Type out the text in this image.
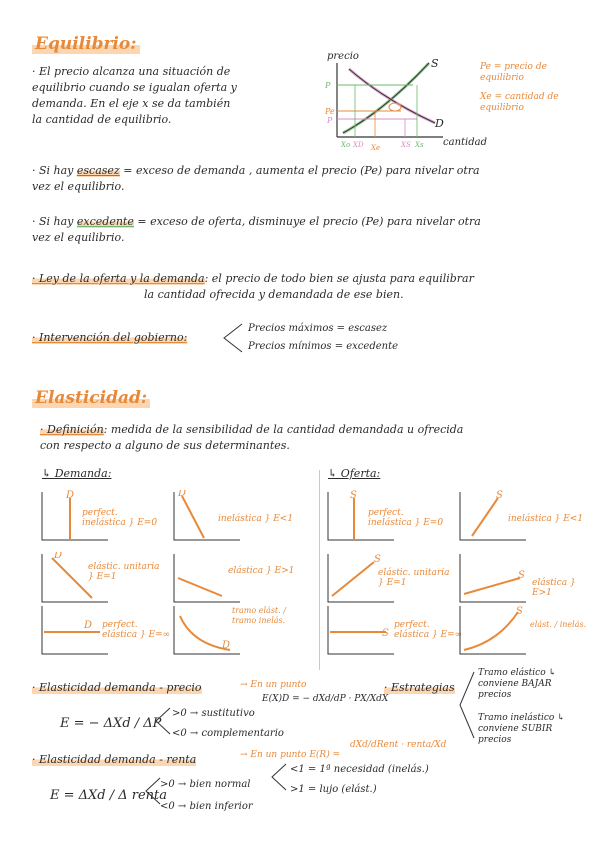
Equilibrio:
· El precio alcanza una situación de
equilibrio cuando se igualan oferta y
demanda. En el eje x se da también
la cantidad de equilibrio.
precio
S
D
P
Pe
P
Xo XD Xe	XS Xs cantidad
Pe = precio de equilibrio
Xe = cantidad de equilibrio
· Si hay escasez = exceso de demanda , aumenta el precio (Pe) para nivelar otra
vez el equilibrio.
· Si hay excedente = exceso de oferta, disminuye el precio (Pe) para nivelar otra
vez el equilibrio.
· Ley de la oferta y la demanda: el precio de todo bien se ajusta para equilibrar
la cantidad ofrecida y demandada de ese bien.
· Intervención del gobierno:
Precios máximos = escasez
Precios mínimos = excedente
Elasticidad:
· Definición: medida de la sensibilidad de la cantidad demandada u ofrecida
con respecto a alguno de sus determinantes.
↳ Demanda:	↳ Oferta:
D
perfect. inelástica } E=0
D
inelástica } E<1
D
elástic. unitaria } E=1
elástica } E>1
D perfect. elástica } E=∞
D
tramo elást. / tramo inelás.
S
perfect. inelástica } E=0
S
inelástica } E<1
S
elástic. unitaria } E=1
S
elástica } E>1
S
perfect. elástica } E=∞
S
elást. / inelás.
· Elasticidad demanda - precio	→ En un punto
E(X)D = − dXd/dP · PX/XdX
E = − ΔXd / ΔP
>0 → sustitutivo
<0 → complementario
· Estrategias
Tramo elástico ↳ conviene BAJAR precios
Tramo inelástico ↳ conviene SUBIR precios
· Elasticidad demanda - renta	→ En un punto E(R) =
dXd/dRent · renta/Xd
E = ΔXd / Δ renta
>0 → bien normal
<0 → bien inferior
<1 = 1ª necesidad (inelás.)
>1 = lujo (elást.)
